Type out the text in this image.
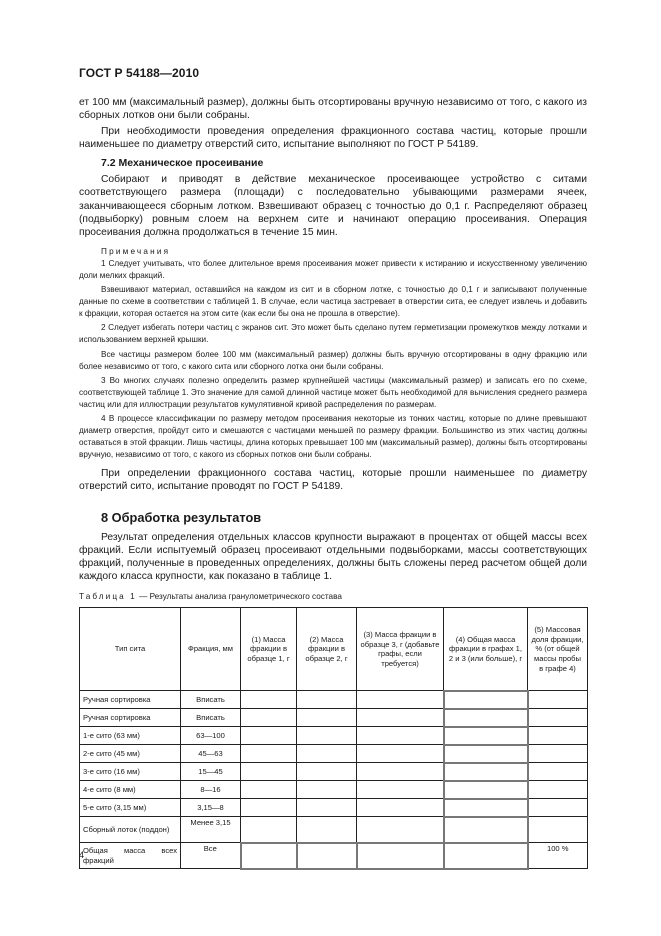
ГОСТ Р 54188—2010

ет 100 мм (максимальный размер), должны быть отсортированы вручную независимо от того, с какого из сборных лотков они были собраны.

При необходимости проведения определения фракционного состава частиц, которые прошли наименьшее по диаметру отверстий сито, испытание выполняют по ГОСТ Р 54189.

7.2 Механическое просеивание

Собирают и приводят в действие механическое просеивающее устройство с ситами соответствующего размера (площади) с последовательно убывающими размерами ячеек, заканчивающееся сборным лотком. Взвешивают образец с точностью до 0,1 г. Распределяют образец (подвыборку) ровным слоем на верхнем сите и начинают операцию просеивания. Операция просеивания должна продолжаться в течение 15 мин.

Примечания

1 Следует учитывать, что более длительное время просеивания может привести к истиранию и искусственному увеличению доли мелких фракций.

Взвешивают материал, оставшийся на каждом из сит и в сборном лотке, с точностью до 0,1 г и записывают полученные данные по схеме в соответствии с таблицей 1. В случае, если частица застревает в отверстии сита, ее следует извлечь и добавить к фракции, которая остается на этом сите (как если бы она не прошла в отверстие).

2 Следует избегать потери частиц с экранов сит. Это может быть сделано путем герметизации промежутков между лотками и использованием верхней крышки.

Все частицы размером более 100 мм (максимальный размер) должны быть вручную отсортированы в одну фракцию или более независимо от того, с какого сита или сборного лотка они были собраны.

3 Во многих случаях полезно определить размер крупнейшей частицы (максимальный размер) и записать его по схеме, соответствующей таблице 1. Это значение для самой длинной частице может быть необходимой для вычисления среднего размера частиц или для иллюстрации результатов кумулятивной кривой распределения по размерам.

4 В процессе классификации по размеру методом просеивания некоторые из тонких частиц, которые по длине превышают диаметр отверстия, пройдут сито и смешаются с частицами меньшей по размеру фракции. Большинство из этих частиц должны оставаться в этой фракции. Лишь частицы, длина которых превышает 100 мм (максимальный размер), должны быть отсортированы вручную, независимо от того, с какого из сборных потков они были собраны.

При определении фракционного состава частиц, которые прошли наименьшее по диаметру отверстий сито, испытание проводят по ГОСТ Р 54189.

8 Обработка результатов

Результат определения отдельных классов крупности выражают в процентах от общей массы всех фракций. Если испытуемый образец просеивают отдельными подвыборками, массы соответствующих фракций, полученные в проведенных определениях, должны быть сложены перед расчетом общей доли каждого класса крупности, как показано в таблице 1.

Таблица 1 — Результаты анализа гранулометрического состава
Тип сита	Фракция, мм	(1) Масса фракции в образце 1, г	(2) Масса фракции в образце 2, г	(3) Масса фракции в образце 3, г (добавьте графы, если требуется)	(4) Общая масса фракции в графах 1, 2 и 3 (или больше), г	(5) Массовая доля фракции, % (от общей массы пробы в графе 4)
Ручная сортировка	Вписать					
Ручная сортировка	Вписать					
1-е сито (63 мм)	63—100					
2-е сито (45 мм)	45—63					
3-е сито (16 мм)	15—45					
4-е сито (8 мм)	8—16					
5-е сито (3,15 мм)	3,15—8					
Сборный лоток (поддон)	Менее 3,15					
Общая масса всех фракций	Все					100 %
4
